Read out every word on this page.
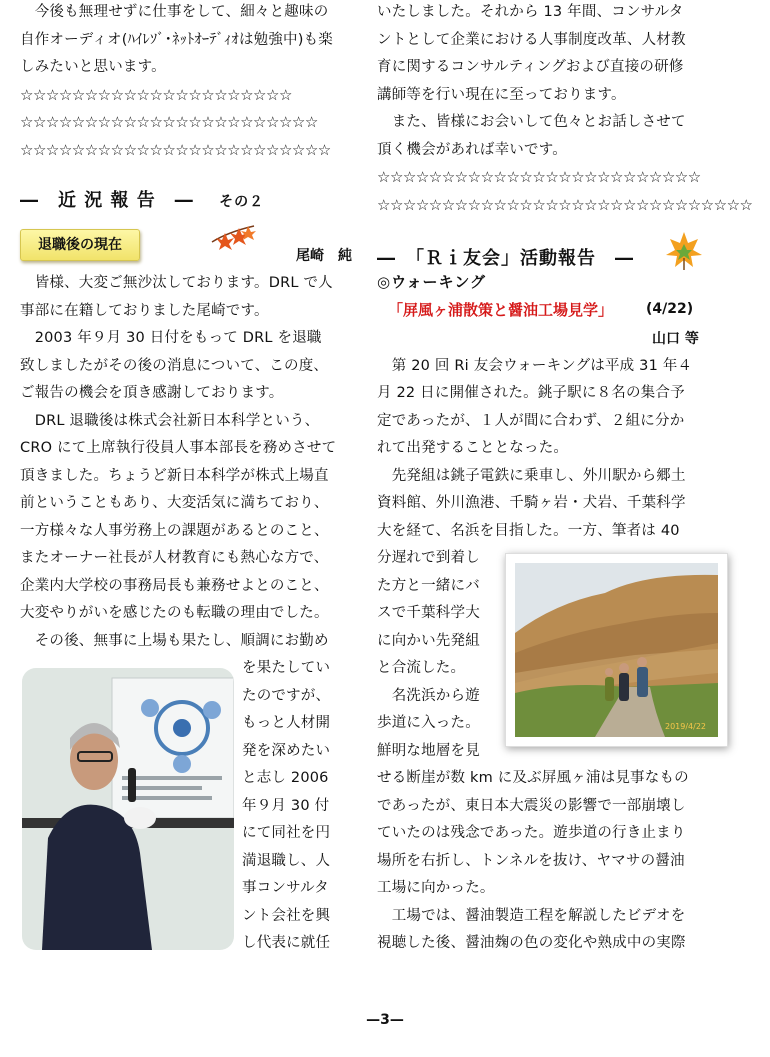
　今後も無理せずに仕事をして、細々と趣味の
自作オーディオ(ﾊｲﾚｿﾞ･ﾈｯﾄｵｰﾃﾞｨｵは勉強中)も楽
しみたいと思います。
☆☆☆☆☆☆☆☆☆☆☆☆☆☆☆☆☆☆☆☆☆
☆☆☆☆☆☆☆☆☆☆☆☆☆☆☆☆☆☆☆☆☆☆☆
☆☆☆☆☆☆☆☆☆☆☆☆☆☆☆☆☆☆☆☆☆☆☆☆
―　近 況 報 告　― その２
退職後の現在
尾崎　純
　皆様、大変ご無沙汰しております。DRL で人
事部に在籍しておりました尾崎です。
　2003 年９月 30 日付をもって DRL を退職
致しましたがその後の消息について、この度、
ご報告の機会を頂き感謝しております。
　DRL 退職後は株式会社新日本科学という、
CRO にて上席執行役員人事本部長を務めさせて
頂きました。ちょうど新日本科学が株式上場直
前ということもあり、大変活気に満ちており、
一方様々な人事労務上の課題があるとのこと、
またオーナー社長が人材教育にも熱心な方で、
企業内大学校の事務局長も兼務せよとのこと、
大変やりがいを感じたのも転職の理由でした。
　その後、無事に上場も果たし、順調にお勤め
を果たしてい
たのですが、
もっと人材開
発を深めたい
と志し 2006
年９月 30 付
にて同社を円
満退職し、人
事コンサルタ
ント会社を興
し代表に就任
いたしました。それから 13 年間、コンサルタ
ントとして企業における人事制度改革、人材教
育に関するコンサルティングおよび直接の研修
講師等を行い現在に至っております。
　また、皆様にお会いして色々とお話しさせて
頂く機会があれば幸いです。
☆☆☆☆☆☆☆☆☆☆☆☆☆☆☆☆☆☆☆☆☆☆☆☆☆
☆☆☆☆☆☆☆☆☆☆☆☆☆☆☆☆☆☆☆☆☆☆☆☆☆☆☆☆☆
―　「Ｒｉ友会」活動報告　―
◎ウォーキング
「屏風ヶ浦散策と醤油工場見学」 (4/22)
山口 等
　第 20 回 Ri 友会ウォーキングは平成 31 年４
月 22 日に開催された。銚子駅に８名の集合予
定であったが、１人が間に合わず、２組に分か
れて出発することとなった。
　先発組は銚子電鉄に乗車し、外川駅から郷土
資料館、外川漁港、千騎ヶ岩・犬岩、千葉科学
大を経て、名浜を目指した。一方、筆者は 40
分遅れで到着し
た方と一緒にバ
スで千葉科学大
に向かい先発組
と合流した。
　名洗浜から遊
歩道に入った。
鮮明な地層を見
せる断崖が数 km に及ぶ屏風ヶ浦は見事なもの
であったが、東日本大震災の影響で一部崩壊し
ていたのは残念であった。遊歩道の行き止まり
場所を右折し、トンネルを抜け、ヤマサの醤油
工場に向かった。
　工場では、醤油製造工程を解説したビデオを
視聴した後、醤油麹の色の変化や熟成中の実際
2019/4/22
—3—
